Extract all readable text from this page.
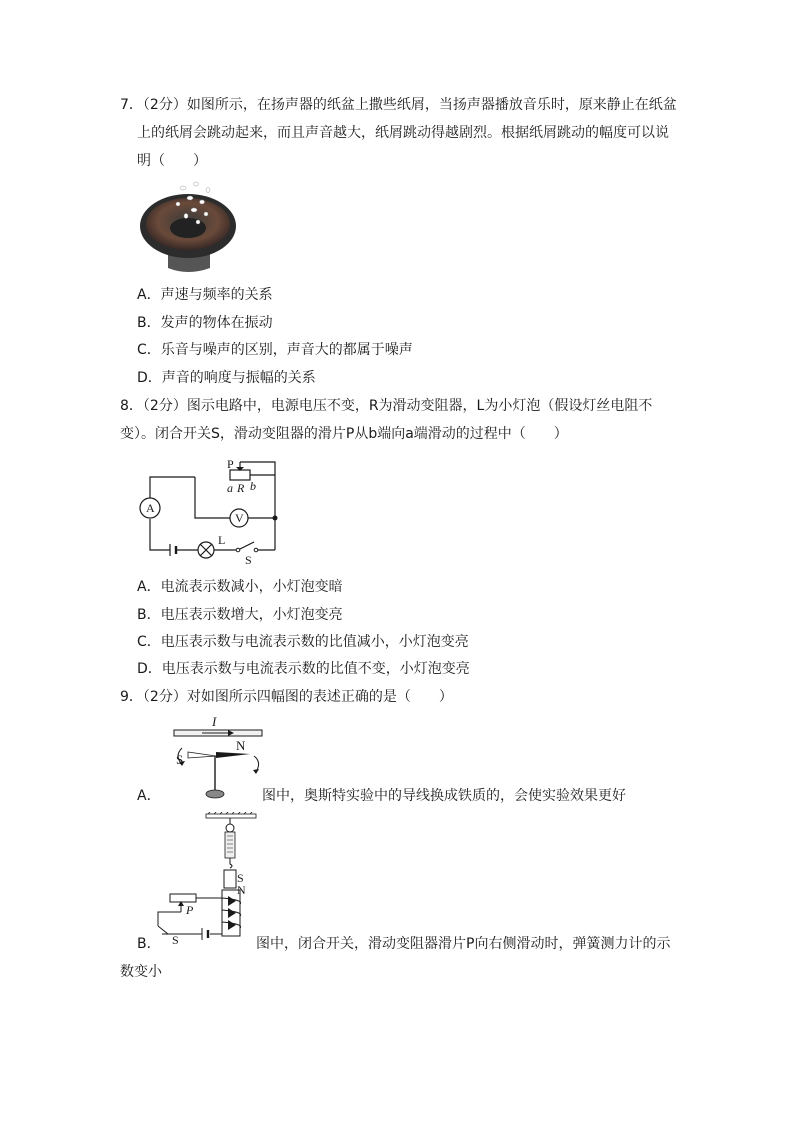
7．（2分）如图所示，在扬声器的纸盆上撒些纸屑，当扬声器播放音乐时，原来静止在纸盆
上的纸屑会跳动起来，而且声音越大，纸屑跳动得越剧烈。根据纸屑跳动的幅度可以说
明（　　）
A．声速与频率的关系
B．发声的物体在振动
C．乐音与噪声的区别，声音大的都属于噪声
D．声音的响度与振幅的关系
8．（2分）图示电路中，电源电压不变，R为滑动变阻器，L为小灯泡（假设灯丝电阻不
变）。闭合开关S，滑动变阻器的滑片P从b端向a端滑动的过程中（　　）
P
a R b
A
V
L
S
A．电流表示数减小，小灯泡变暗
B．电压表示数增大，小灯泡变亮
C．电压表示数与电流表示数的比值减小，小灯泡变亮
D．电压表示数与电流表示数的比值不变，小灯泡变亮
9．（2分）对如图所示四幅图的表述正确的是（　　）
I
S
N
A．	图中，奥斯特实验中的导线换成铁质的，会使实验效果更好
S
N
P
S
B．	图中，闭合开关，滑动变阻器滑片P向右侧滑动时，弹簧测力计的示
数变小
